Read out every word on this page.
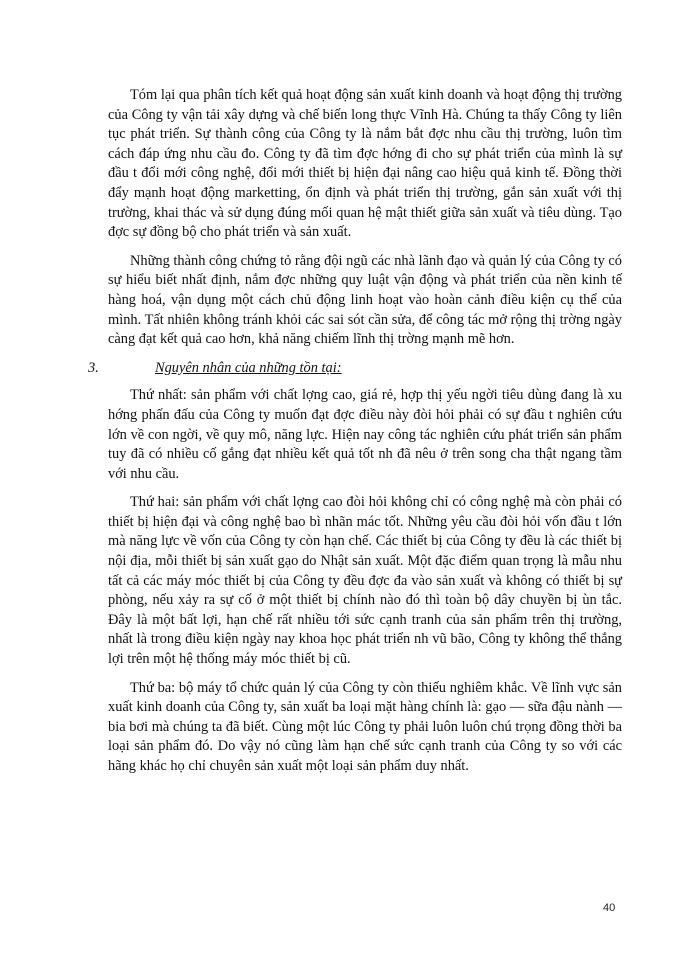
Tóm lại qua phân tích kết quả hoạt động sản xuất kinh doanh và hoạt động thị trường của Công ty vận tải xây dựng và chế biến long thực Vĩnh Hà. Chúng ta thấy Công ty liên tục phát triển. Sự thành công của Công ty là nắm bắt đợc nhu cầu thị trường, luôn tìm cách đáp ứng nhu cầu đo. Công ty đã tìm đợc hớng đi cho sự phát triển của mình là sự đầu t đổi mới công nghệ, đổi mới thiết bị hiện đại nâng cao hiệu quả kinh tế. Đồng thời đẩy mạnh hoạt động marketting, ổn định và phát triển thị trường, gắn sản xuất với thị trường, khai thác và sử dụng đúng mối quan hệ mật thiết giữa sản xuất và tiêu dùng. Tạo đợc sự đồng bộ cho phát triển và sản xuất.

Những thành công chứng tỏ rằng đội ngũ các nhà lãnh đạo và quản lý của Công ty có sự hiểu biết nhất định, nắm đợc những quy luật vận động và phát triển của nền kinh tế hàng hoá, vận dụng một cách chủ động linh hoạt vào hoàn cảnh điều kiện cụ thể của mình. Tất nhiên không tránh khỏi các sai sót cần sửa, để công tác mở rộng thị trờng ngày càng đạt kết quả cao hơn, khả năng chiếm lĩnh thị trờng mạnh mẽ hơn.

3.	Nguyên nhân của những tồn tại:

Thứ nhất: sản phẩm với chất lợng cao, giá rẻ, hợp thị yếu ngời tiêu dùng đang là xu hớng phấn đấu của Công ty muốn đạt đợc điều này đòi hỏi phải có sự đầu t nghiên cứu lớn về con ngời, về quy mô, năng lực. Hiện nay công tác nghiên cứu phát triển sản phẩm tuy đã có nhiều cố gắng đạt nhiều kết quả tốt nh đã nêu ở trên song cha thật ngang tầm với nhu cầu.

Thứ hai: sản phẩm với chất lợng cao đòi hỏi không chỉ có công nghệ mà còn phải có thiết bị hiện đại và công nghệ bao bì nhãn mác tốt. Những yêu cầu đòi hỏi vốn đầu t lớn mà năng lực về vốn của Công ty còn hạn chế. Các thiết bị của Công ty đều là các thiết bị nội địa, mỗi thiết bị sản xuất gạo do Nhật sản xuất. Một đặc điểm quan trọng là mẫu nhu tất cả các máy móc thiết bị của Công ty đều đợc đa vào sản xuất và không có thiết bị sự phòng, nếu xảy ra sự cố ở một thiết bị chính nào đó thì toàn bộ dây chuyền bị ùn tắc. Đây là một bất lợi, hạn chế rất nhiều tới sức cạnh tranh của sản phẩm trên thị trường, nhất là trong điều kiện ngày nay khoa học phát triển nh vũ bão, Công ty không thể thắng lợi trên một hệ thống máy móc thiết bị cũ.

Thứ ba: bộ máy tổ chức quản lý của Công ty còn thiếu nghiêm khắc. Về lĩnh vực sản xuất kinh doanh của Công ty, sản xuất ba loại mặt hàng chính là: gạo — sữa đậu nành — bia bơi mà chúng ta đã biết. Cùng một lúc Công ty phải luôn luôn chú trọng đồng thời ba loại sản phẩm đó. Do vậy nó cũng làm hạn chế sức cạnh tranh của Công ty so với các hãng khác họ chỉ chuyên sản xuất một loại sản phẩm duy nhất.

40
